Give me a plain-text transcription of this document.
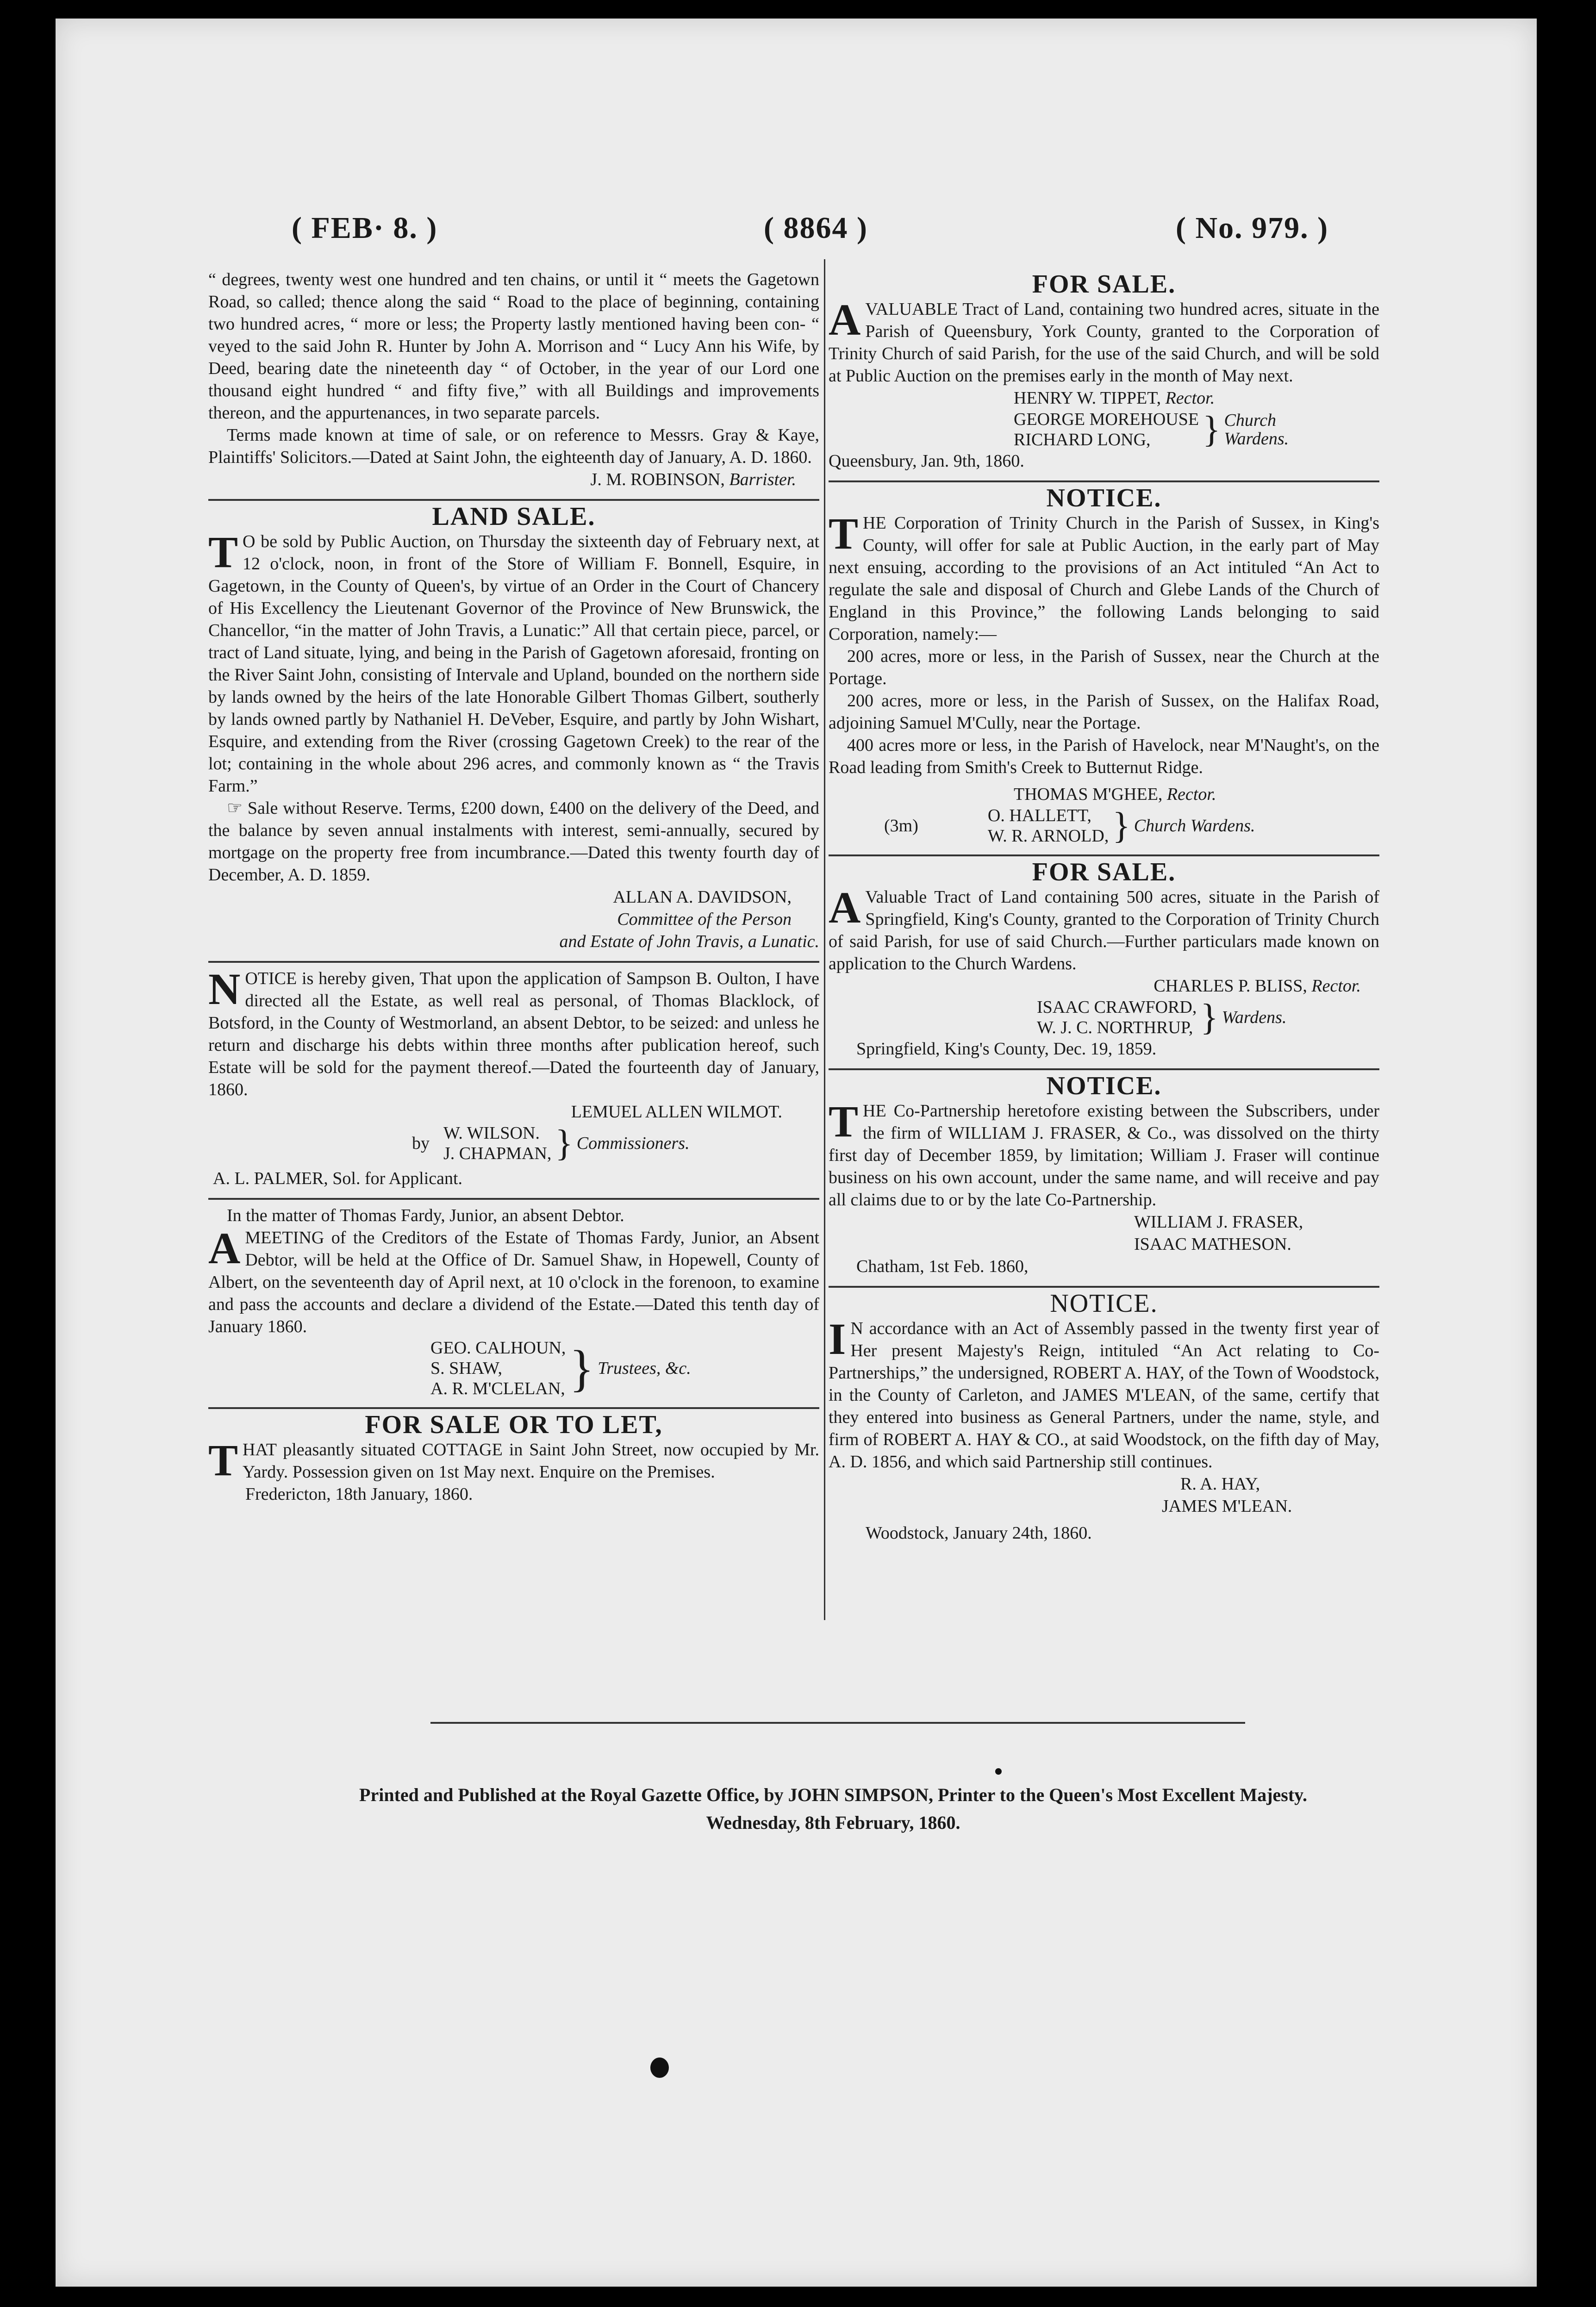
( FEB· 8. )	( 8864 )	( No. 979. )

“ degrees, twenty west one hundred and ten chains, or until it “ meets the Gagetown Road, so called; thence along the said “ Road to the place of beginning, containing two hundred acres, “ more or less; the Property lastly mentioned having been con- “ veyed to the said John R. Hunter by John A. Morrison and “ Lucy Ann his Wife, by Deed, bearing date the nineteenth day “ of October, in the year of our Lord one thousand eight hundred “ and fifty five,” with all Buildings and improvements thereon, and the appurtenances, in two separate parcels.

Terms made known at time of sale, or on reference to Messrs. Gray & Kaye, Plaintiffs' Solicitors.—Dated at Saint John, the eighteenth day of January, A. D. 1860.

J. M. ROBINSON, Barrister.
LAND SALE.

T O be sold by Public Auction, on Thursday the sixteenth day of February next, at 12 o'clock, noon, in front of the Store of William F. Bonnell, Esquire, in Gagetown, in the County of Queen's, by virtue of an Order in the Court of Chancery of His Excellency the Lieutenant Governor of the Province of New Brunswick, the Chancellor, “in the matter of John Travis, a Lunatic:” All that certain piece, parcel, or tract of Land situate, lying, and being in the Parish of Gagetown aforesaid, fronting on the River Saint John, consisting of Intervale and Upland, bounded on the northern side by lands owned by the heirs of the late Honorable Gilbert Thomas Gilbert, southerly by lands owned partly by Nathaniel H. DeVeber, Esquire, and partly by John Wishart, Esquire, and extending from the River (crossing Gagetown Creek) to the rear of the lot; containing in the whole about 296 acres, and commonly known as “ the Travis Farm.”

☞ Sale without Reserve. Terms, £200 down, £400 on the delivery of the Deed, and the balance by seven annual instalments with interest, semi-annually, secured by mortgage on the property free from incumbrance.—Dated this twenty fourth day of December, A. D. 1859.

ALLAN A. DAVIDSON,
Committee of the Person
and Estate of John Travis, a Lunatic.

NOTICE is hereby given, That upon the application of Sampson B. Oulton, I have directed all the Estate, as well real as personal, of Thomas Blacklock, of Botsford, in the County of Westmorland, an absent Debtor, to be seized: and unless he return and discharge his debts within three months after publication hereof, such Estate will be sold for the payment thereof.—Dated the fourteenth day of January, 1860.

LEMUEL ALLEN WILMOT.
by
W. WILSON.
J. CHAPMAN, } Commissioners.

A. L. PALMER, Sol. for Applicant.

In the matter of Thomas Fardy, Junior, an absent Debtor.

AMEETING of the Creditors of the Estate of Thomas Fardy, Junior, an Absent Debtor, will be held at the Office of Dr. Samuel Shaw, in Hopewell, County of Albert, on the seventeenth day of April next, at 10 o'clock in the forenoon, to examine and pass the accounts and declare a dividend of the Estate.—Dated this tenth day of January 1860.

GEO. CALHOUN,
S. SHAW,
A. R. M'CLELAN, } Trustees, &c.
FOR SALE OR TO LET,

THAT pleasantly situated COTTAGE in Saint John Street, now occupied by Mr. Yardy. Possession given on 1st May next. Enquire on the Premises.

Fredericton, 18th January, 1860.

FOR SALE.

AVALUABLE Tract of Land, containing two hundred acres, situate in the Parish of Queensbury, York County, granted to the Corporation of Trinity Church of said Parish, for the use of the said Church, and will be sold at Public Auction on the premises early in the month of May next.

HENRY W. TIPPET, Rector.
GEORGE MOREHOUSE
RICHARD LONG,	} Church Wardens.

Queensbury, Jan. 9th, 1860.

NOTICE.

THE Corporation of Trinity Church in the Parish of Sussex, in King's County, will offer for sale at Public Auction, in the early part of May next ensuing, according to the provisions of an Act intituled “An Act to regulate the sale and disposal of Church and Glebe Lands of the Church of England in this Province,” the following Lands belonging to said Corporation, namely:—

200 acres, more or less, in the Parish of Sussex, near the Church at the Portage.

200 acres, more or less, in the Parish of Sussex, on the Halifax Road, adjoining Samuel M'Cully, near the Portage.

400 acres more or less, in the Parish of Havelock, near M'Naught's, on the Road leading from Smith's Creek to Butternut Ridge.

THOMAS M'GHEE, Rector.
(3m)
O. HALLETT,
W. R. ARNOLD, } Church Wardens.
FOR SALE.

A Valuable Tract of Land containing 500 acres, situate in the Parish of Springfield, King's County, granted to the Corporation of Trinity Church of said Parish, for use of said Church.—Further particulars made known on application to the Church Wardens.

CHARLES P. BLISS, Rector.
ISAAC CRAWFORD,
W. J. C. NORTHRUP, } Wardens.

Springfield, King's County, Dec. 19, 1859.

NOTICE.

THE Co-Partnership heretofore existing between the Subscribers, under the firm of WILLIAM J. FRASER, & Co., was dissolved on the thirty first day of December 1859, by limitation; William J. Fraser will continue business on his own account, under the same name, and will receive and pay all claims due to or by the late Co-Partnership.

WILLIAM J. FRASER,
ISAAC MATHESON.

Chatham, 1st Feb. 1860,

NOTICE.

I N accordance with an Act of Assembly passed in the twenty first year of Her present Majesty's Reign, intituled “An Act relating to Co-Partnerships,” the undersigned, ROBERT A. HAY, of the Town of Woodstock, in the County of Carleton, and JAMES M'LEAN, of the same, certify that they entered into business as General Partners, under the name, style, and firm of ROBERT A. HAY & CO., at said Woodstock, on the fifth day of May, A. D. 1856, and which said Partnership still continues.

R. A. HAY,
JAMES M'LEAN.

Woodstock, January 24th, 1860.

Printed and Published at the Royal Gazette Office, by JOHN SIMPSON, Printer to the Queen's Most Excellent Majesty.
Wednesday, 8th February, 1860.
